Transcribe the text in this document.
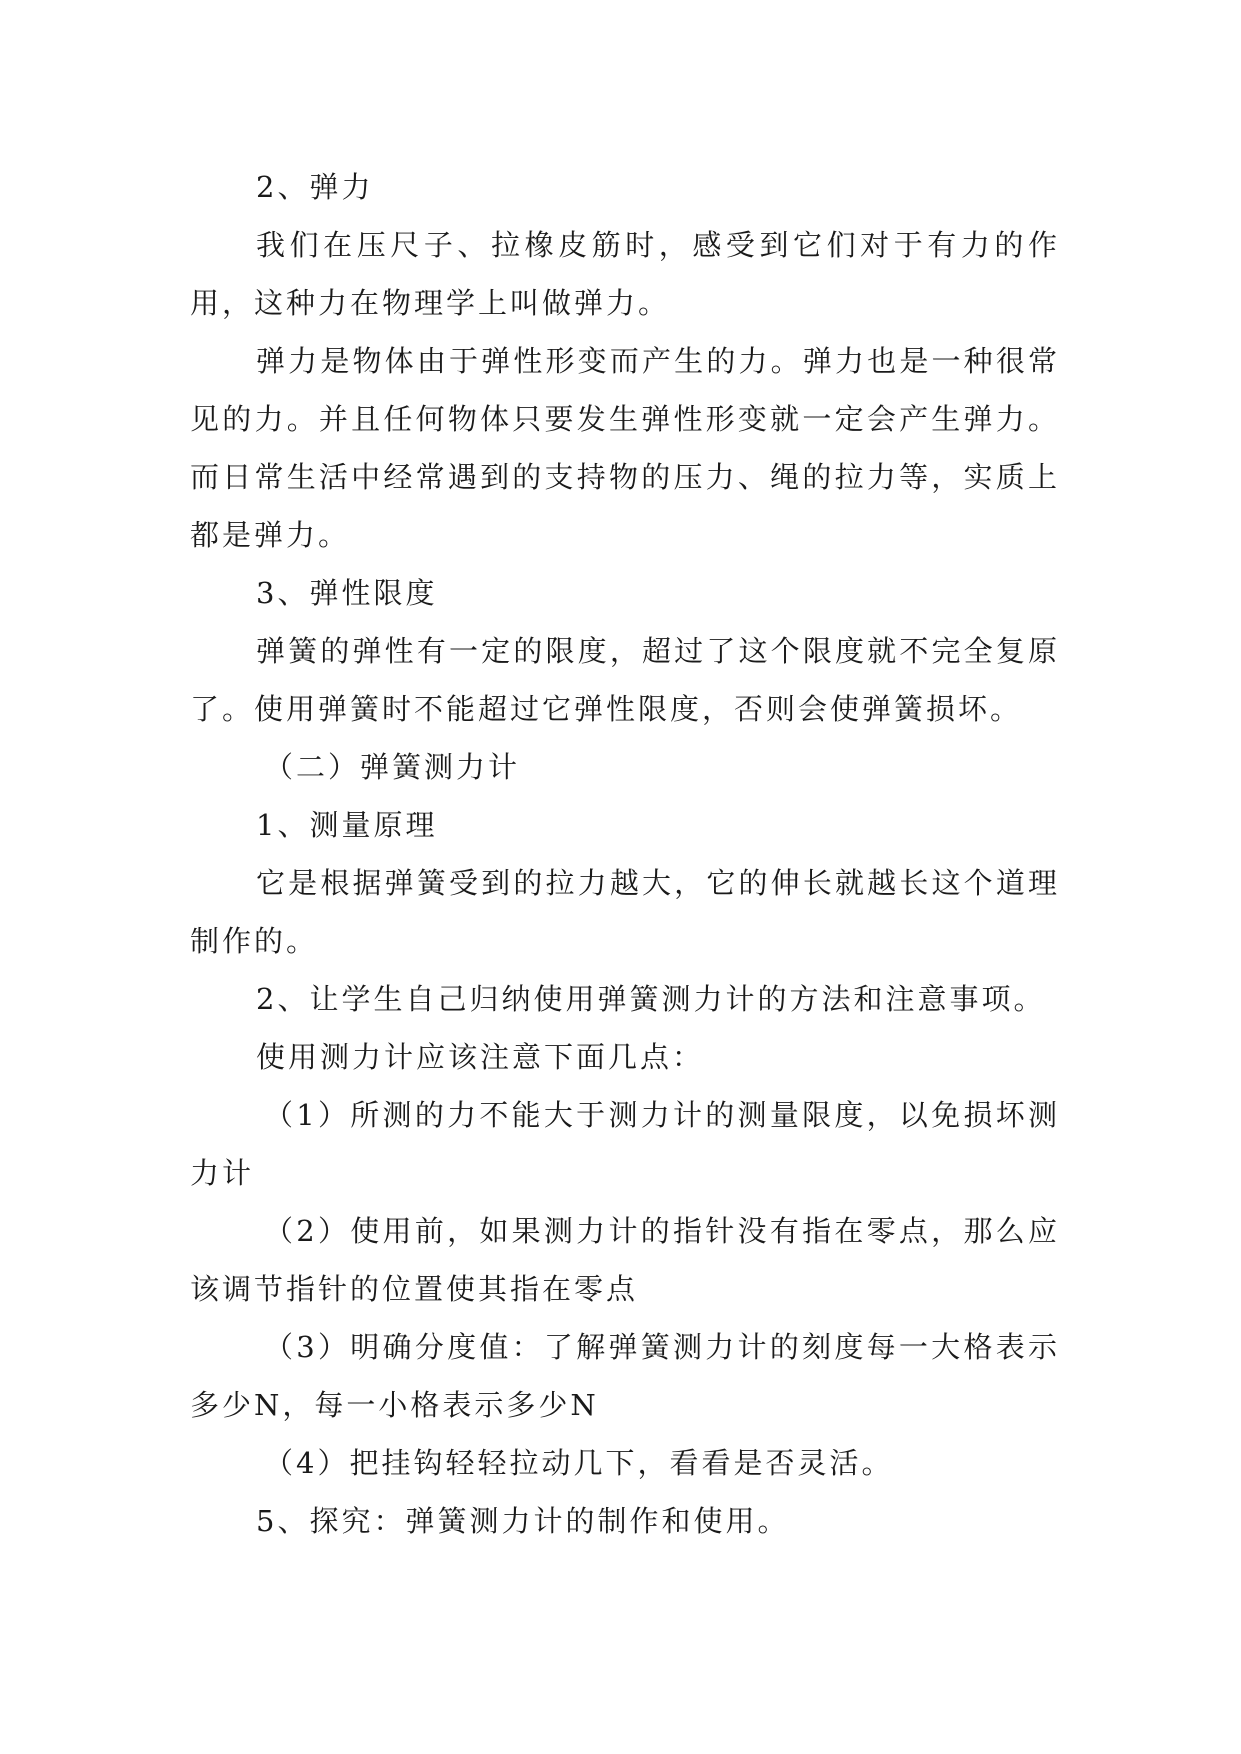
2、弹力

我们在压尺子、拉橡皮筋时，感受到它们对于有力的作用，这种力在物理学上叫做弹力。

弹力是物体由于弹性形变而产生的力。弹力也是一种很常见的力。并且任何物体只要发生弹性形变就一定会产生弹力。而日常生活中经常遇到的支持物的压力、绳的拉力等，实质上都是弹力。

3、弹性限度

弹簧的弹性有一定的限度，超过了这个限度就不完全复原了。使用弹簧时不能超过它弹性限度，否则会使弹簧损坏。

（二）弹簧测力计

1、测量原理

它是根据弹簧受到的拉力越大，它的伸长就越长这个道理制作的。

2、让学生自己归纳使用弹簧测力计的方法和注意事项。

使用测力计应该注意下面几点：

（1）所测的力不能大于测力计的测量限度，以免损坏测力计

（2）使用前，如果测力计的指针没有指在零点，那么应该调节指针的位置使其指在零点

（3）明确分度值：了解弹簧测力计的刻度每一大格表示多少N，每一小格表示多少N

（4）把挂钩轻轻拉动几下，看看是否灵活。

5、探究：弹簧测力计的制作和使用。
